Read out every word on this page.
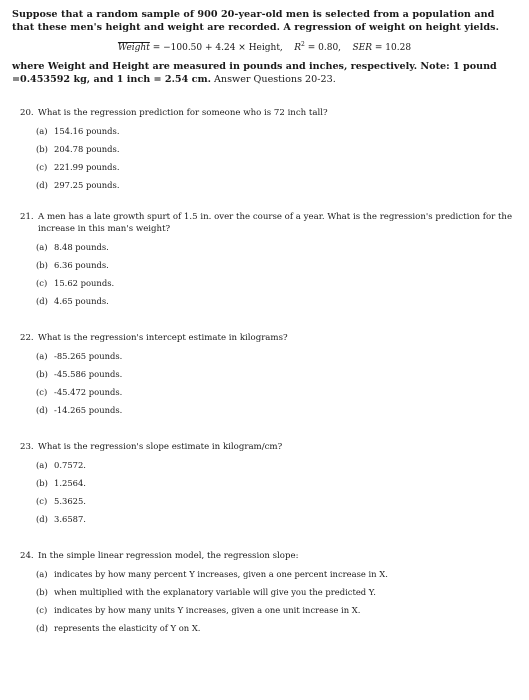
Suppose that a random sample of 900 20-year-old men is selected from a population and that these men's height and weight are recorded. A regression of weight on height yields.
Weight = −100.50 + 4.24 × Height, $R^2 = 0.80$, SER = 10.28
where Weight and Height are measured in pounds and inches, respectively. Note: 1 pound =0.453592 kg, and 1 inch = 2.54 cm. Answer Questions 20-23.
20. What is the regression prediction for someone who is 72 inch tall?
(a) 154.16 pounds.
(b) 204.78 pounds.
(c) 221.99 pounds.
(d) 297.25 pounds.
21. A men has a late growth spurt of 1.5 in. over the course of a year. What is the regression's prediction for the increase in this man's weight?
(a) 8.48 pounds.
(b) 6.36 pounds.
(c) 15.62 pounds.
(d) 4.65 pounds.
22. What is the regression's intercept estimate in kilograms?
(a) -85.265 pounds.
(b) -45.586 pounds.
(c) -45.472 pounds.
(d) -14.265 pounds.
23. What is the regression's slope estimate in kilogram/cm?
(a) 0.7572.
(b) 1.2564.
(c) 5.3625.
(d) 3.6587.
24. In the simple linear regression model, the regression slope:
(a) indicates by how many percent Y increases, given a one percent increase in X.
(b) when multiplied with the explanatory variable will give you the predicted Y.
(c) indicates by how many units Y increases, given a one unit increase in X.
(d) represents the elasticity of Y on X.
